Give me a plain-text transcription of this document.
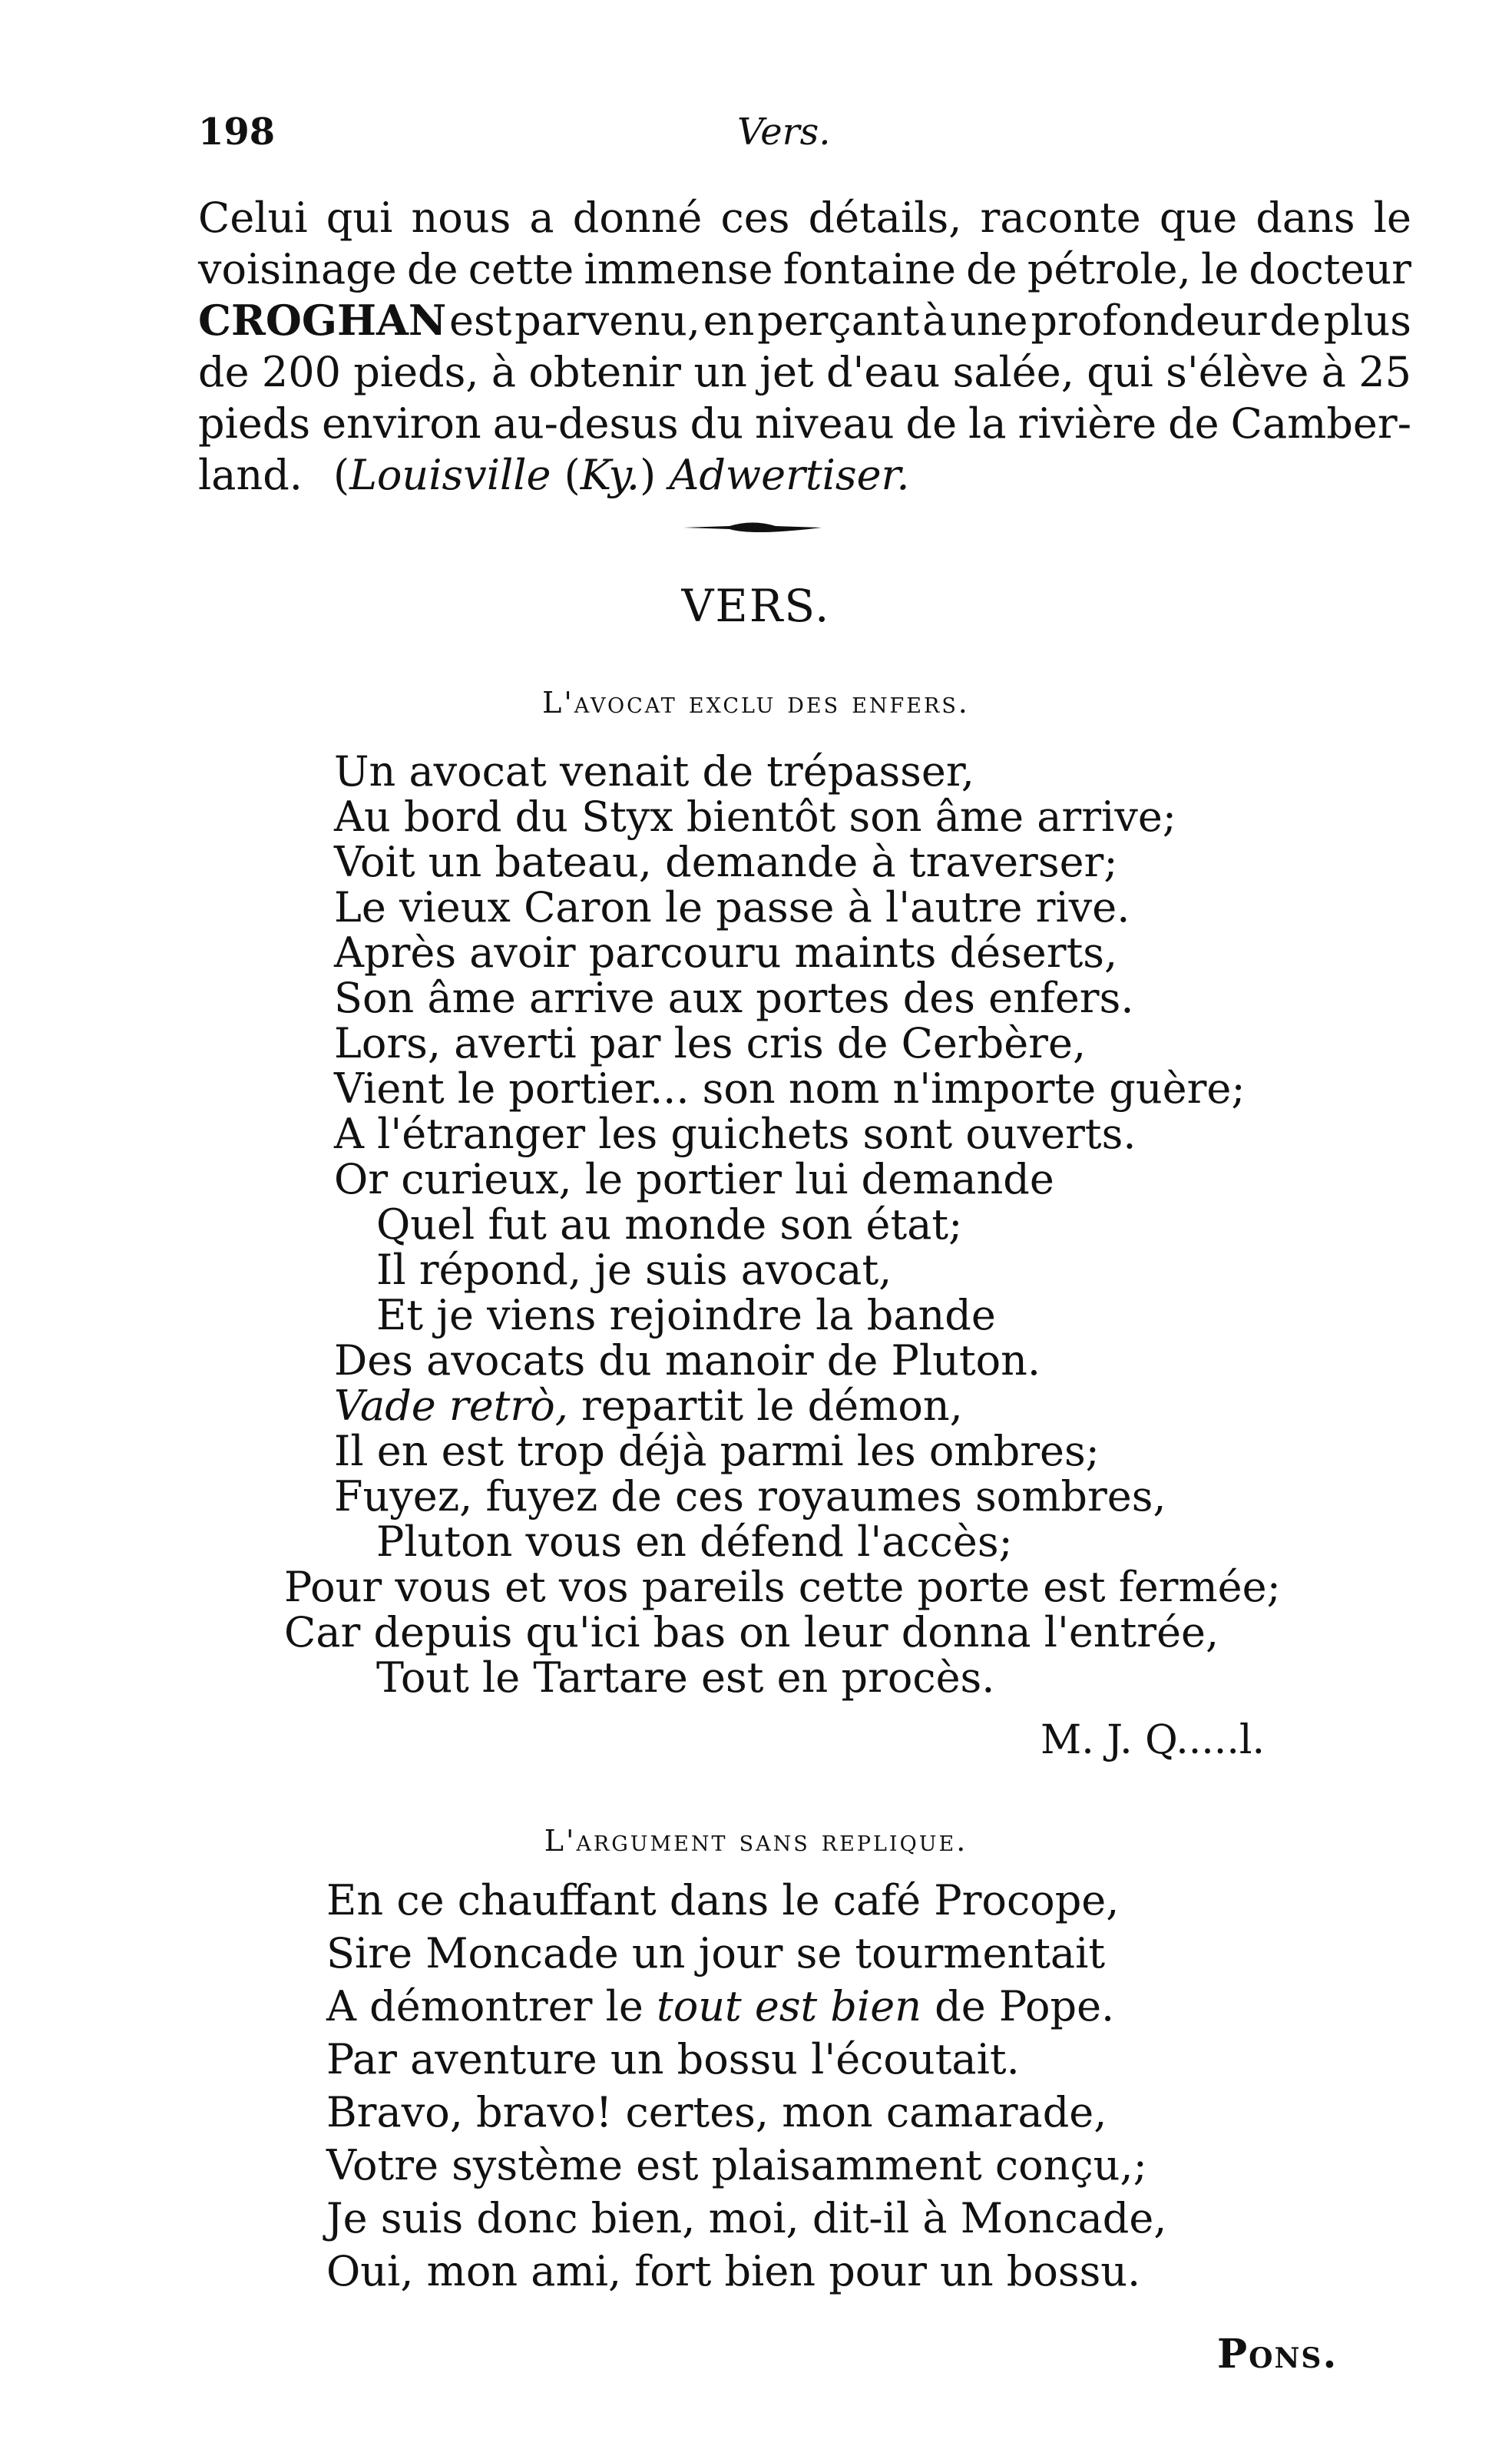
198	Vers.
Celui qui nous a donné ces détails, raconte que dans le
voisinage de cette immense fontaine de pétrole, le docteur
CROGHAN est parvenu, en perçant à une profondeur de plus
de 200 pieds, à obtenir un jet d'eau salée, qui s'élève à 25
pieds environ au-desus du niveau de la rivière de Camber-
land. (Louisville (Ky.) Adwertiser.
VERS.
L'avocat exclu des enfers.
Un avocat venait de trépasser,
Au bord du Styx bientôt son âme arrive;
Voit un bateau, demande à traverser;
Le vieux Caron le passe à l'autre rive.
Après avoir parcouru maints déserts,
Son âme arrive aux portes des enfers.
Lors, averti par les cris de Cerbère,
Vient le portier... son nom n'importe guère;
A l'étranger les guichets sont ouverts.
Or curieux, le portier lui demande
Quel fut au monde son état;
Il répond, je suis avocat,
Et je viens rejoindre la bande
Des avocats du manoir de Pluton.
Vade retrò, repartit le démon,
Il en est trop déjà parmi les ombres;
Fuyez, fuyez de ces royaumes sombres,
Pluton vous en défend l'accès;
Pour vous et vos pareils cette porte est fermée;
Car depuis qu'ici bas on leur donna l'entrée,
Tout le Tartare est en procès.
M. J. Q.....l.
L'argument sans replique.
En ce chauffant dans le café Procope,
Sire Moncade un jour se tourmentait
A démontrer le tout est bien de Pope.
Par aventure un bossu l'écoutait.
Bravo, bravo! certes, mon camarade,
Votre système est plaisamment conçu,;
Je suis donc bien, moi, dit-il à Moncade,
Oui, mon ami, fort bien pour un bossu.
Pons.
